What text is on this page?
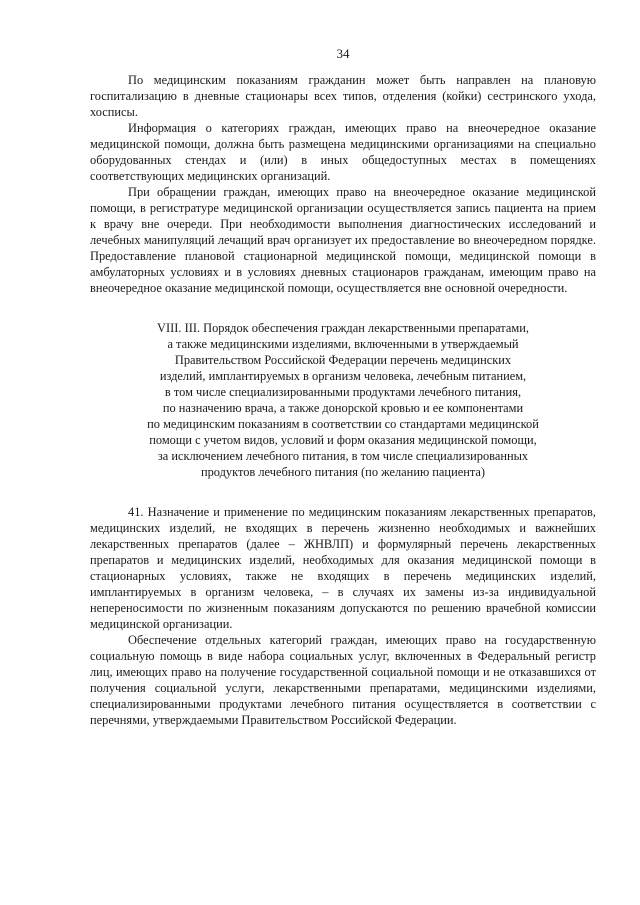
34

По медицинским показаниям гражданин может быть направлен на плановую госпитализацию в дневные стационары всех типов, отделения (койки) сестринского ухода, хосписы.

Информация о категориях граждан, имеющих право на внеочередное оказание медицинской помощи, должна быть размещена медицинскими организациями на специально оборудованных стендах и (или) в иных общедоступных местах в помещениях соответствующих медицинских организаций.

При обращении граждан, имеющих право на внеочередное оказание медицинской помощи, в регистратуре медицинской организации осуществляется запись пациента на прием к врачу вне очереди. При необходимости выполнения диагностических исследований и лечебных манипуляций лечащий врач организует их предоставление во внеочередном порядке. Предоставление плановой стационарной медицинской помощи, медицинской помощи в амбулаторных условиях и в условиях дневных стационаров гражданам, имеющим право на внеочередное оказание медицинской помощи, осуществляется вне основной очередности.

VIII. III. Порядок обеспечения граждан лекарственными препаратами,
а также медицинскими изделиями, включенными в утверждаемый
Правительством Российской Федерации перечень медицинских
изделий, имплантируемых в организм человека, лечебным питанием,
в том числе специализированными продуктами лечебного питания,
по назначению врача, а также донорской кровью и ее компонентами
по медицинским показаниям в соответствии со стандартами медицинской
помощи с учетом видов, условий и форм оказания медицинской помощи,
за исключением лечебного питания, в том числе специализированных
продуктов лечебного питания (по желанию пациента)

41. Назначение и применение по медицинским показаниям лекарственных препаратов, медицинских изделий, не входящих в перечень жизненно необходимых и важнейших лекарственных препаратов (далее – ЖНВЛП) и формулярный перечень лекарственных препаратов и медицинских изделий, необходимых для оказания медицинской помощи в стационарных условиях, также не входящих в перечень медицинских изделий, имплантируемых в организм человека, – в случаях их замены из-за индивидуальной непереносимости по жизненным показаниям допускаются по решению врачебной комиссии медицинской организации.

Обеспечение отдельных категорий граждан, имеющих право на государственную социальную помощь в виде набора социальных услуг, включенных в Федеральный регистр лиц, имеющих право на получение государственной социальной помощи и не отказавшихся от получения социальной услуги, лекарственными препаратами, медицинскими изделиями, специализированными продуктами лечебного питания осуществляется в соответствии с перечнями, утверждаемыми Правительством Российской Федерации.
